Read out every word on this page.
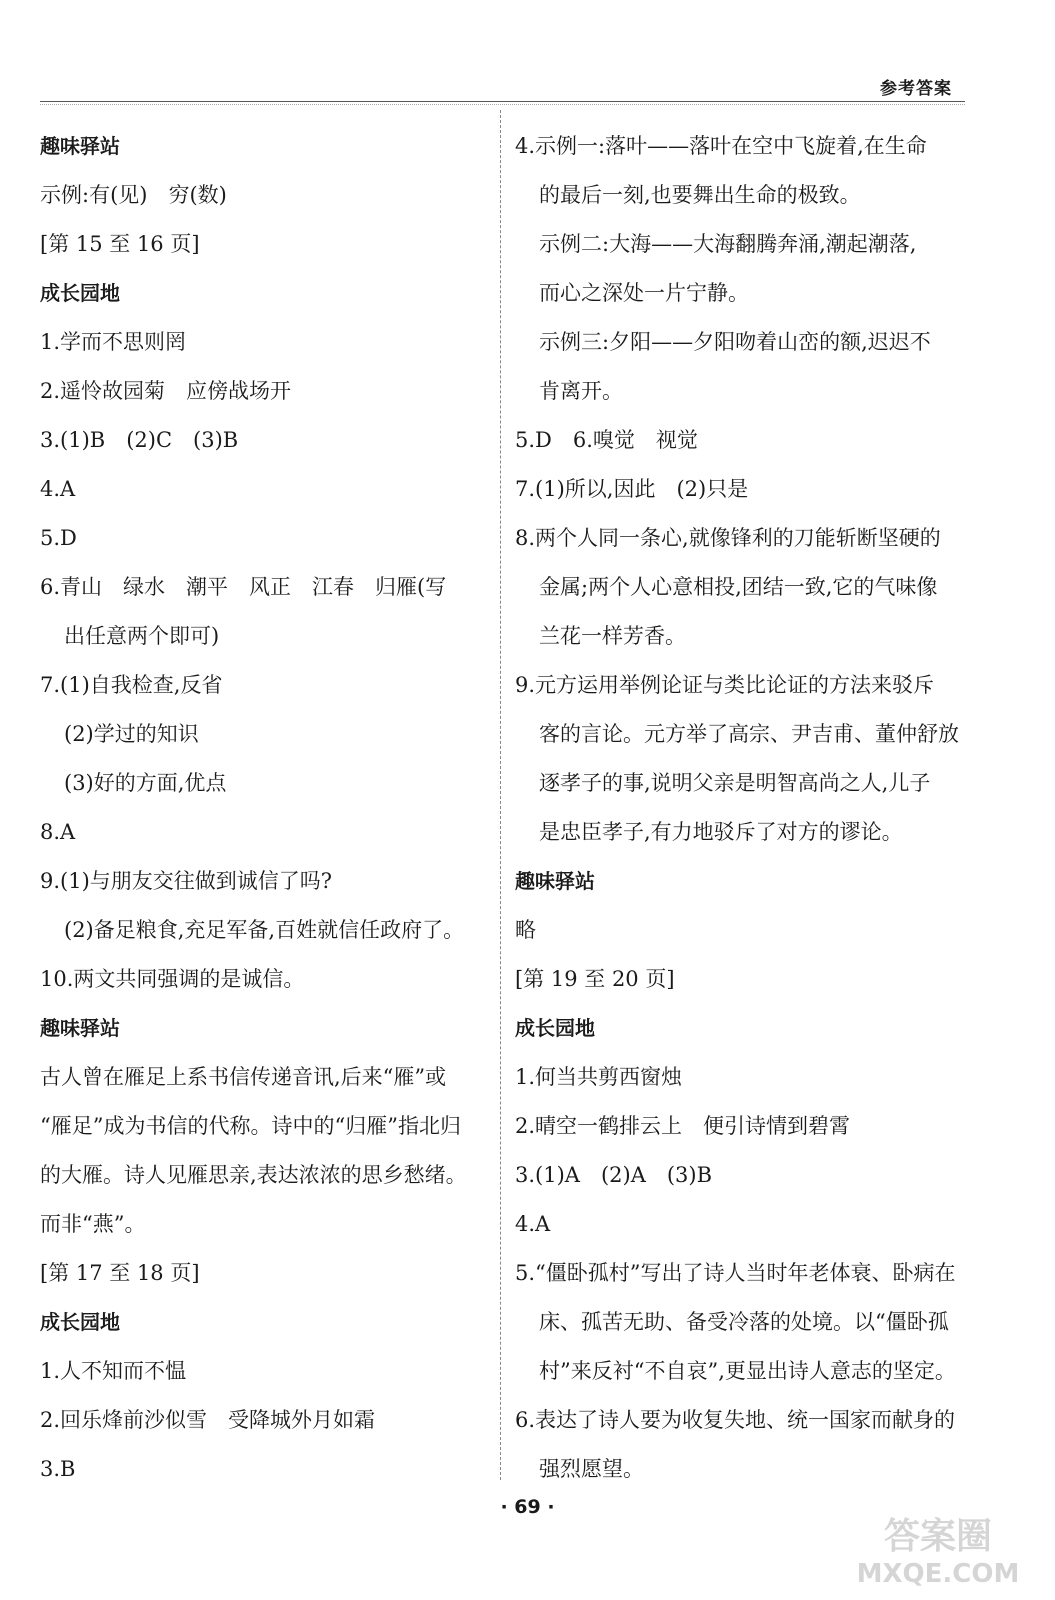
参考答案
趣味驿站
示例:有(见)　穷(数)
[第 15 至 16 页]
成长园地
1.学而不思则罔
2.遥怜故园菊　应傍战场开
3.(1)B　(2)C　(3)B
4.A
5.D
6.青山　绿水　潮平　风正　江春　归雁(写
出任意两个即可)
7.(1)自我检查,反省
(2)学过的知识
(3)好的方面,优点
8.A
9.(1)与朋友交往做到诚信了吗?
(2)备足粮食,充足军备,百姓就信任政府了。
10.两文共同强调的是诚信。
趣味驿站
古人曾在雁足上系书信传递音讯,后来“雁”或
“雁足”成为书信的代称。诗中的“归雁”指北归
的大雁。诗人见雁思亲,表达浓浓的思乡愁绪。
而非“燕”。
[第 17 至 18 页]
成长园地
1.人不知而不愠
2.回乐烽前沙似雪　受降城外月如霜
3.B
4.示例一:落叶——落叶在空中飞旋着,在生命
的最后一刻,也要舞出生命的极致。
示例二:大海——大海翻腾奔涌,潮起潮落,
而心之深处一片宁静。
示例三:夕阳——夕阳吻着山峦的额,迟迟不
肯离开。
5.D　6.嗅觉　视觉
7.(1)所以,因此　(2)只是
8.两个人同一条心,就像锋利的刀能斩断坚硬的
金属;两个人心意相投,团结一致,它的气味像
兰花一样芳香。
9.元方运用举例论证与类比论证的方法来驳斥
客的言论。元方举了高宗、尹吉甫、董仲舒放
逐孝子的事,说明父亲是明智高尚之人,儿子
是忠臣孝子,有力地驳斥了对方的谬论。
趣味驿站
略
[第 19 至 20 页]
成长园地
1.何当共剪西窗烛
2.晴空一鹤排云上　便引诗情到碧霄
3.(1)A　(2)A　(3)B
4.A
5.“僵卧孤村”写出了诗人当时年老体衰、卧病在
床、孤苦无助、备受冷落的处境。以“僵卧孤
村”来反衬“不自哀”,更显出诗人意志的坚定。
6.表达了诗人要为收复失地、统一国家而献身的
强烈愿望。
· 69 ·
答案圈
MXQE.COM
